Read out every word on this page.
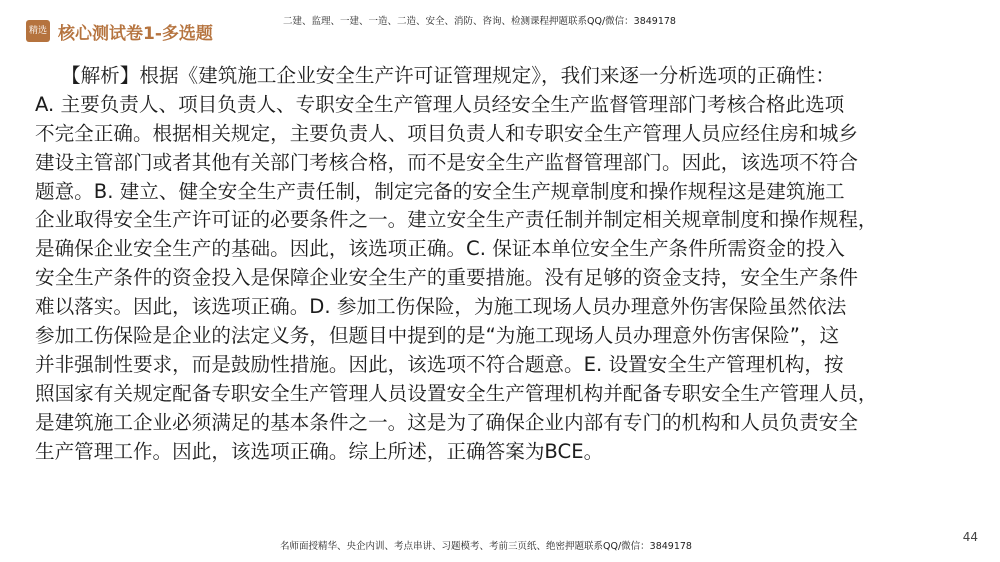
精选 核心测试卷1-多选题
二建、监理、一建、一造、二造、安全、消防、咨询、检测课程押题联系QQ/微信：3849178
【解析】根据《建筑施工企业安全生产许可证管理规定》，我们来逐一分析选项的正确性：
A. 主要负责人、项目负责人、专职安全生产管理人员经安全生产监督管理部门考核合格此选项
不完全正确。根据相关规定，主要负责人、项目负责人和专职安全生产管理人员应经住房和城乡
建设主管部门或者其他有关部门考核合格，而不是安全生产监督管理部门。因此，该选项不符合
题意。B. 建立、健全安全生产责任制，制定完备的安全生产规章制度和操作规程这是建筑施工
企业取得安全生产许可证的必要条件之一。建立安全生产责任制并制定相关规章制度和操作规程，
是确保企业安全生产的基础。因此，该选项正确。C. 保证本单位安全生产条件所需资金的投入
安全生产条件的资金投入是保障企业安全生产的重要措施。没有足够的资金支持，安全生产条件
难以落实。因此，该选项正确。D. 参加工伤保险，为施工现场人员办理意外伤害保险虽然依法
参加工伤保险是企业的法定义务，但题目中提到的是“为施工现场人员办理意外伤害保险”，这
并非强制性要求，而是鼓励性措施。因此，该选项不符合题意。E. 设置安全生产管理机构，按
照国家有关规定配备专职安全生产管理人员设置安全生产管理机构并配备专职安全生产管理人员，
是建筑施工企业必须满足的基本条件之一。这是为了确保企业内部有专门的机构和人员负责安全
生产管理工作。因此，该选项正确。综上所述，正确答案为BCE。
44
名师面授精华、央企内训、考点串讲、习题模考、考前三页纸、绝密押题联系QQ/微信：3849178
